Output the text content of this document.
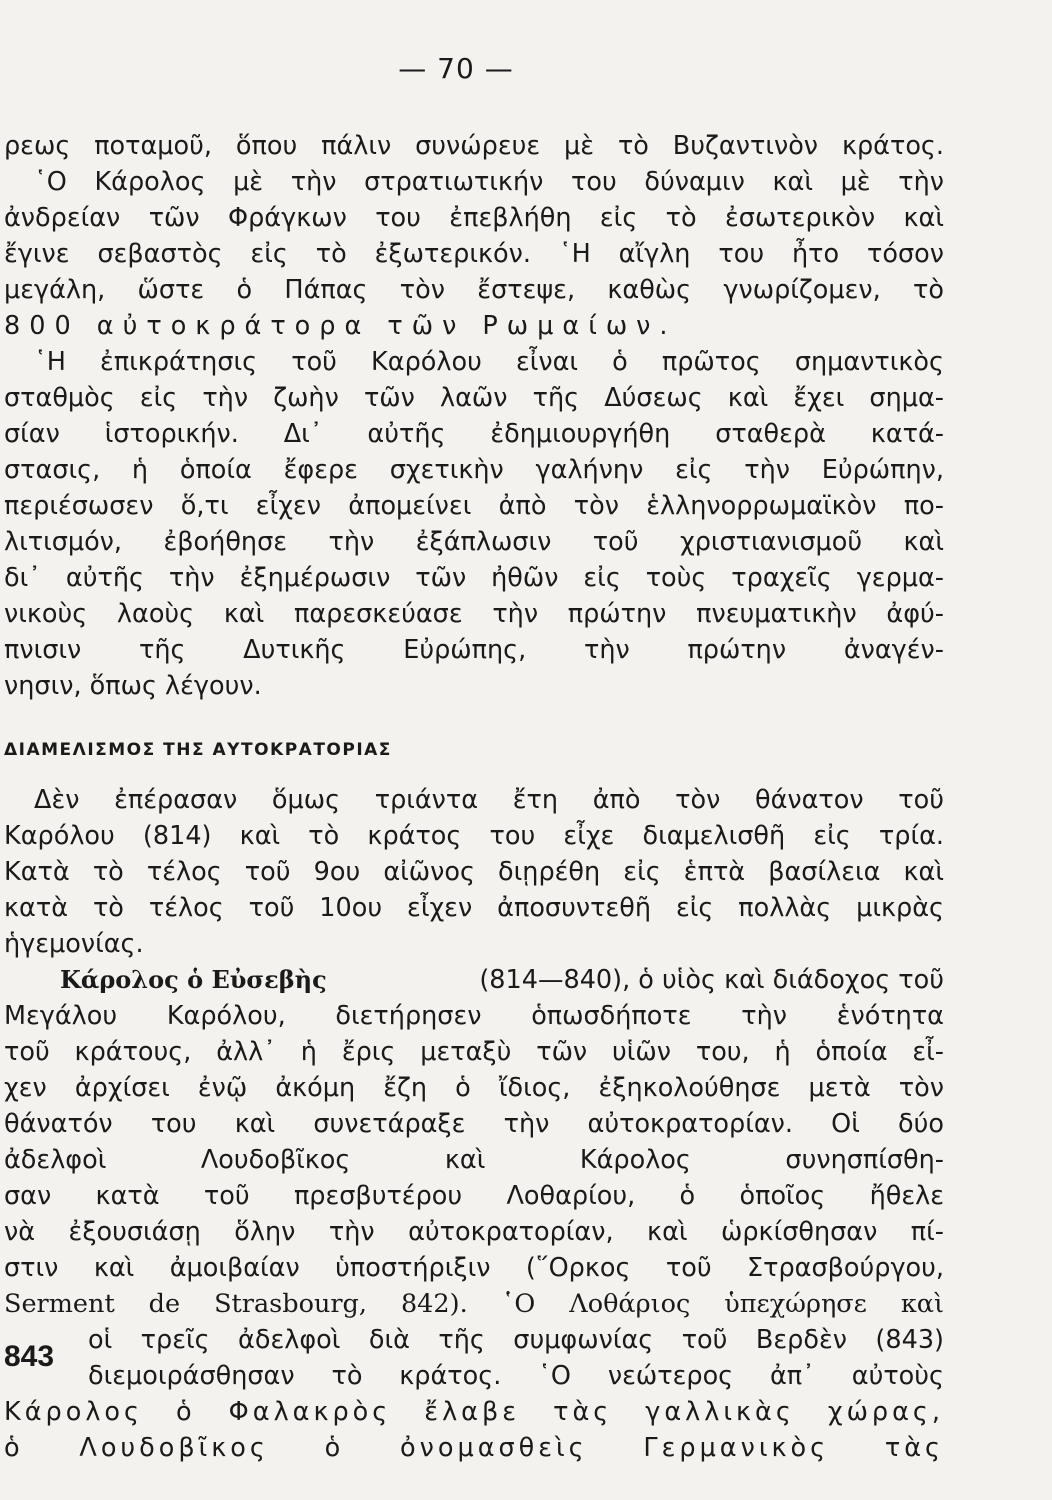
— 70 —
ρεως ποταμοῦ, ὅπου πάλιν συνώρευε μὲ τὸ Βυζαντινὸν κράτος.
῾Ο Κάρολος μὲ τὴν στρατιωτικήν του δύναμιν καὶ μὲ τὴν
ἀνδρείαν τῶν Φράγκων του ἐπεβλήθη εἰς τὸ ἐσωτερικὸν καὶ
ἔγινε σεβαστὸς εἰς τὸ ἐξωτερικόν. ῾Η αἴγλη του ἦτο τόσον
μεγάλη, ὥστε ὁ Πάπας τὸν ἔστεψε, καθὼς γνωρίζομεν, τὸ
800 αὐτοκράτορα τῶν Ρωμαίων.
῾Η ἐπικράτησις τοῦ Καρόλου εἶναι ὁ πρῶτος σημαντικὸς
σταθμὸς εἰς τὴν ζωὴν τῶν λαῶν τῆς Δύσεως καὶ ἔχει σημα-
σίαν ἱστορικήν. Δι᾽ αὐτῆς ἐδημιουργήθη σταθερὰ κατά-
στασις, ἡ ὁποία ἔφερε σχετικὴν γαλήνην εἰς τὴν Εὐρώπην,
περιέσωσεν ὅ,τι εἶχεν ἀπομείνει ἀπὸ τὸν ἑλληνορρωμαϊκὸν πο-
λιτισμόν, ἐβοήθησε τὴν ἐξάπλωσιν τοῦ χριστιανισμοῦ καὶ
δι᾽ αὐτῆς τὴν ἐξημέρωσιν τῶν ἠθῶν εἰς τοὺς τραχεῖς γερμα-
νικοὺς λαοὺς καὶ παρεσκεύασε τὴν πρώτην πνευματικὴν ἀφύ-
πνισιν τῆς Δυτικῆς Εὐρώπης, τὴν πρώτην ἀναγέν-
νησιν, ὅπως λέγουν.
ΔΙΑΜΕΛΙΣΜΟΣ ΤΗΣ ΑΥΤΟΚΡΑΤΟΡΙΑΣ
Δὲν ἐπέρασαν ὅμως τριάντα ἔτη ἀπὸ τὸν θάνατον τοῦ
Καρόλου (814) καὶ τὸ κράτος του εἶχε διαμελισθῆ εἰς τρία.
Κατὰ τὸ τέλος τοῦ 9ου αἰῶνος διῃρέθη εἰς ἑπτὰ βασίλεια καὶ
κατὰ τὸ τέλος τοῦ 10ου εἶχεν ἀποσυντεθῆ εἰς πολλὰς μικρὰς
ἡγεμονίας.
Κάρολος ὁ Εὐσεβὴς	(814—840), ὁ υἱὸς καὶ διάδοχος τοῦ
Μεγάλου Καρόλου, διετήρησεν ὁπωσδήποτε τὴν ἑνότητα
τοῦ κράτους, ἀλλ᾽ ἡ ἔρις μεταξὺ τῶν υἱῶν του, ἡ ὁποία εἶ-
χεν ἀρχίσει ἐνῷ ἀκόμη ἔζη ὁ ἴδιος, ἐξηκολούθησε μετὰ τὸν
θάνατόν του καὶ συνετάραξε τὴν αὐτοκρατορίαν. Οἱ δύο
ἀδελφοὶ Λουδοβῖκος καὶ Κάρολος συνησπίσθη-
σαν κατὰ τοῦ πρεσβυτέρου Λοθαρίου, ὁ ὁποῖος ἤθελε
νὰ ἐξουσιάσῃ ὅλην τὴν αὐτοκρατορίαν, καὶ ὡρκίσθησαν πί-
στιν καὶ ἀμοιβαίαν ὑποστήριξιν (῞Ορκος τοῦ Στρασβούργου,
Serment de Strasbourg, 842). ῾Ο Λοθάριος ὑπεχώρησε καὶ
843 οἱ τρεῖς ἀδελφοὶ διὰ τῆς συμφωνίας τοῦ Βερδὲν (843)
διεμοιράσθησαν τὸ κράτος. ῾Ο νεώτερος ἀπ᾽ αὐτοὺς
Κάρολος ὁ Φαλακρὸς ἔλαβε τὰς γαλλικὰς χώρας,
ὁ Λουδοβῖκος ὁ ὀνομασθεὶς Γερμανικὸς τὰς
